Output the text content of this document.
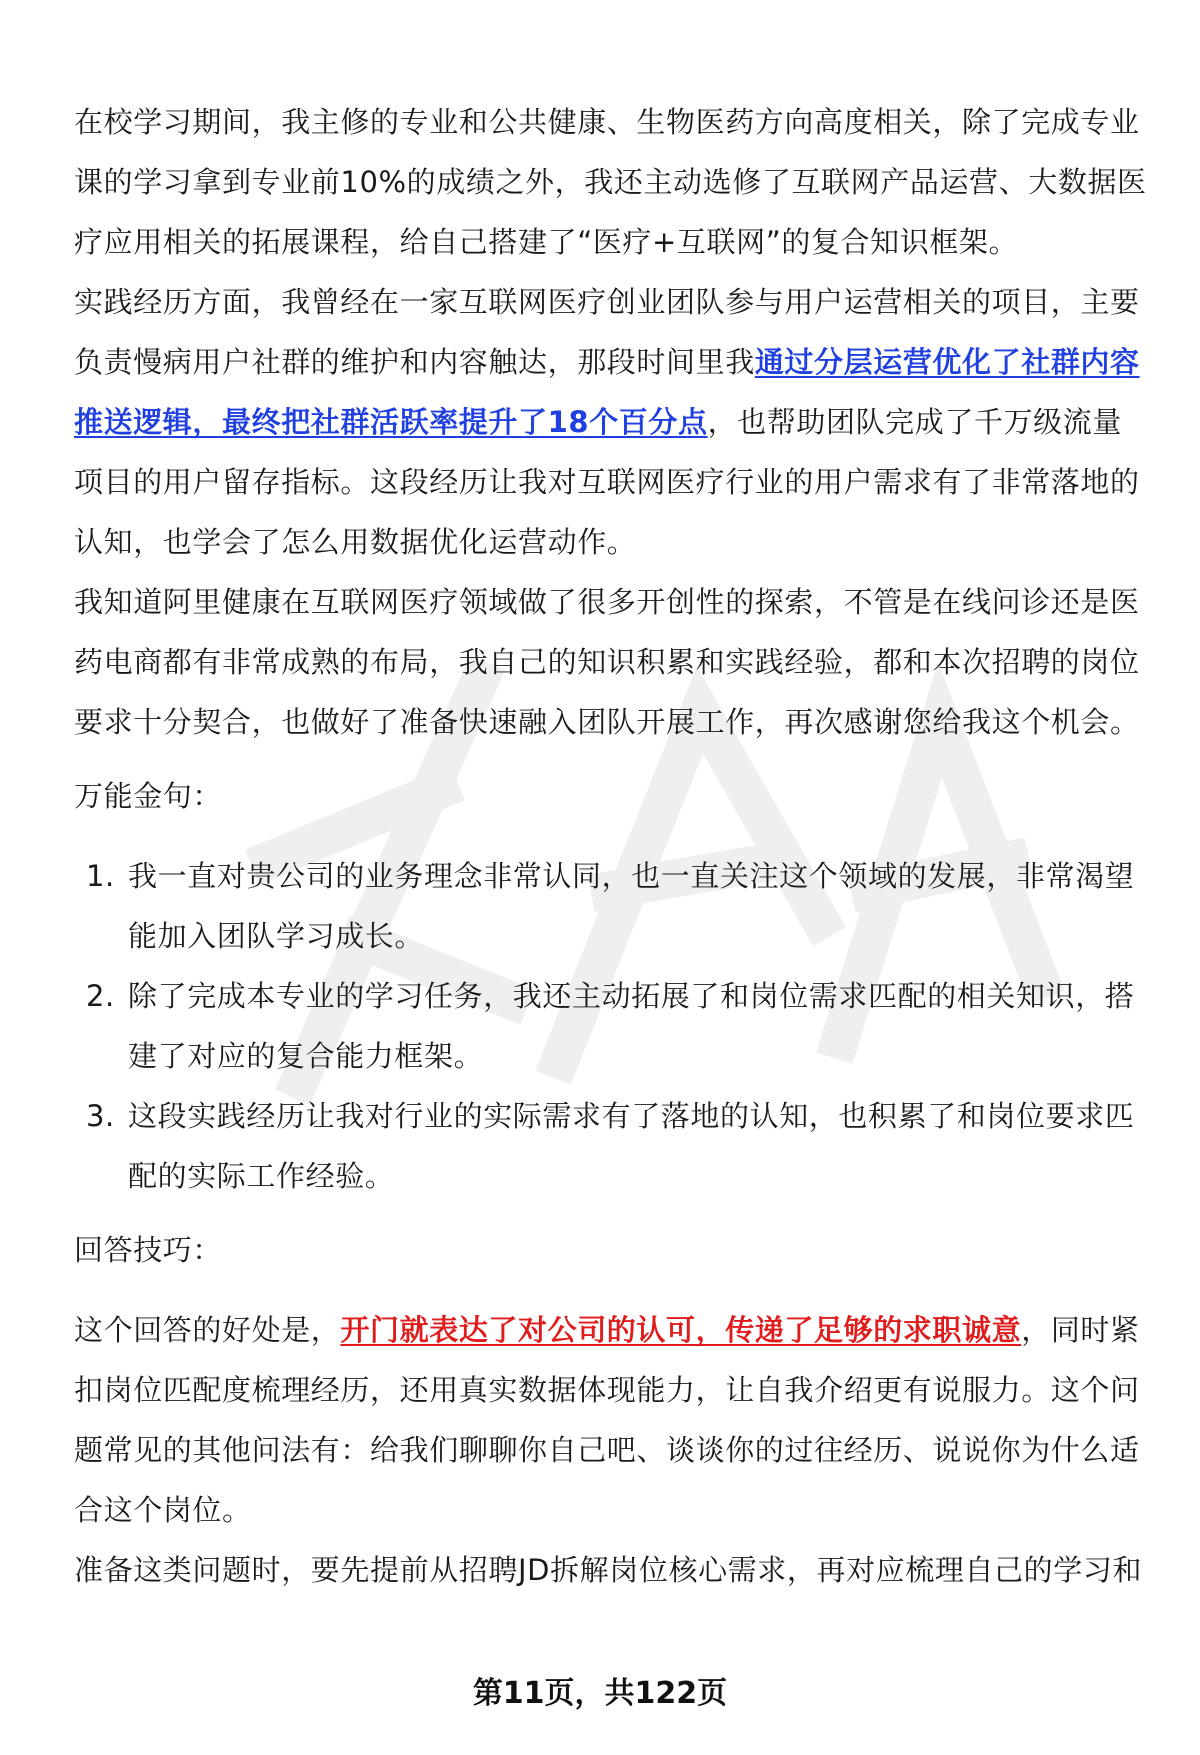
在校学习期间，我主修的专业和公共健康、生物医药方向高度相关，除了完成专业课的学习拿到专业前10%的成绩之外，我还主动选修了互联网产品运营、大数据医疗应用相关的拓展课程，给自己搭建了“医疗+互联网”的复合知识框架。

实践经历方面，我曾经在一家互联网医疗创业团队参与用户运营相关的项目，主要负责慢病用户社群的维护和内容触达，那段时间里我通过分层运营优化了社群内容推送逻辑，最终把社群活跃率提升了18个百分点，也帮助团队完成了千万级流量项目的用户留存指标。这段经历让我对互联网医疗行业的用户需求有了非常落地的认知，也学会了怎么用数据优化运营动作。

我知道阿里健康在互联网医疗领域做了很多开创性的探索，不管是在线问诊还是医药电商都有非常成熟的布局，我自己的知识积累和实践经验，都和本次招聘的岗位要求十分契合，也做好了准备快速融入团队开展工作，再次感谢您给我这个机会。

万能金句：

1. 我一直对贵公司的业务理念非常认同，也一直关注这个领域的发展，非常渴望能加入团队学习成长。
2. 除了完成本专业的学习任务，我还主动拓展了和岗位需求匹配的相关知识，搭建了对应的复合能力框架。
3. 这段实践经历让我对行业的实际需求有了落地的认知，也积累了和岗位要求匹配的实际工作经验。

回答技巧：

这个回答的好处是，开门就表达了对公司的认可，传递了足够的求职诚意，同时紧扣岗位匹配度梳理经历，还用真实数据体现能力，让自我介绍更有说服力。这个问题常见的其他问法有：给我们聊聊你自己吧、谈谈你的过往经历、说说你为什么适合这个岗位。

准备这类问题时，要先提前从招聘JD拆解岗位核心需求，再对应梳理自己的学习和

第11页，共122页
